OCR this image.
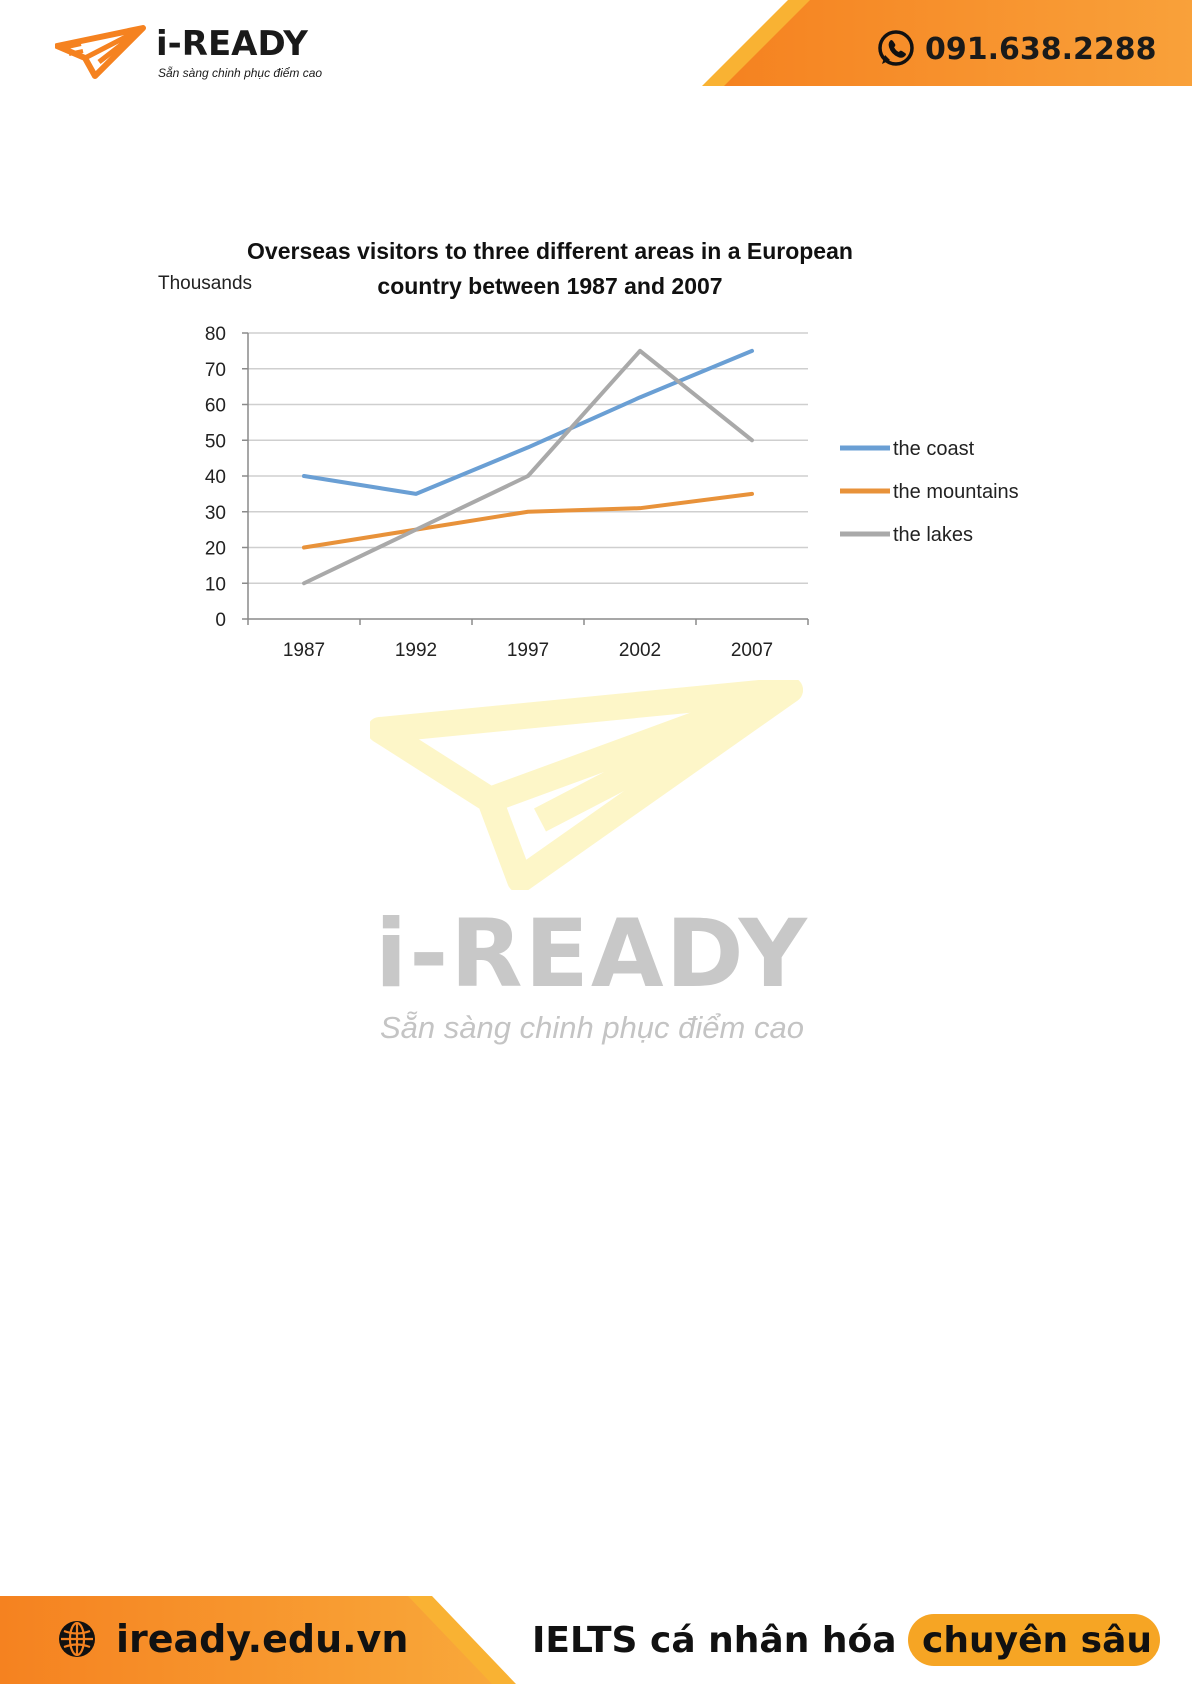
i-READY
Sẵn sàng chinh phục điểm cao
091.638.2288
i-READY
Sẵn sàng chinh phục điểm cao
Overseas visitors to three different areas in a European
country between 1987 and 2007
Thousands
0
10
20
30
40
50
60
70
80
1987	1992	1997	2002	2007
the coast
the mountains
the lakes
iready.edu.vn	IELTS cá nhân hóa chuyên sâu
